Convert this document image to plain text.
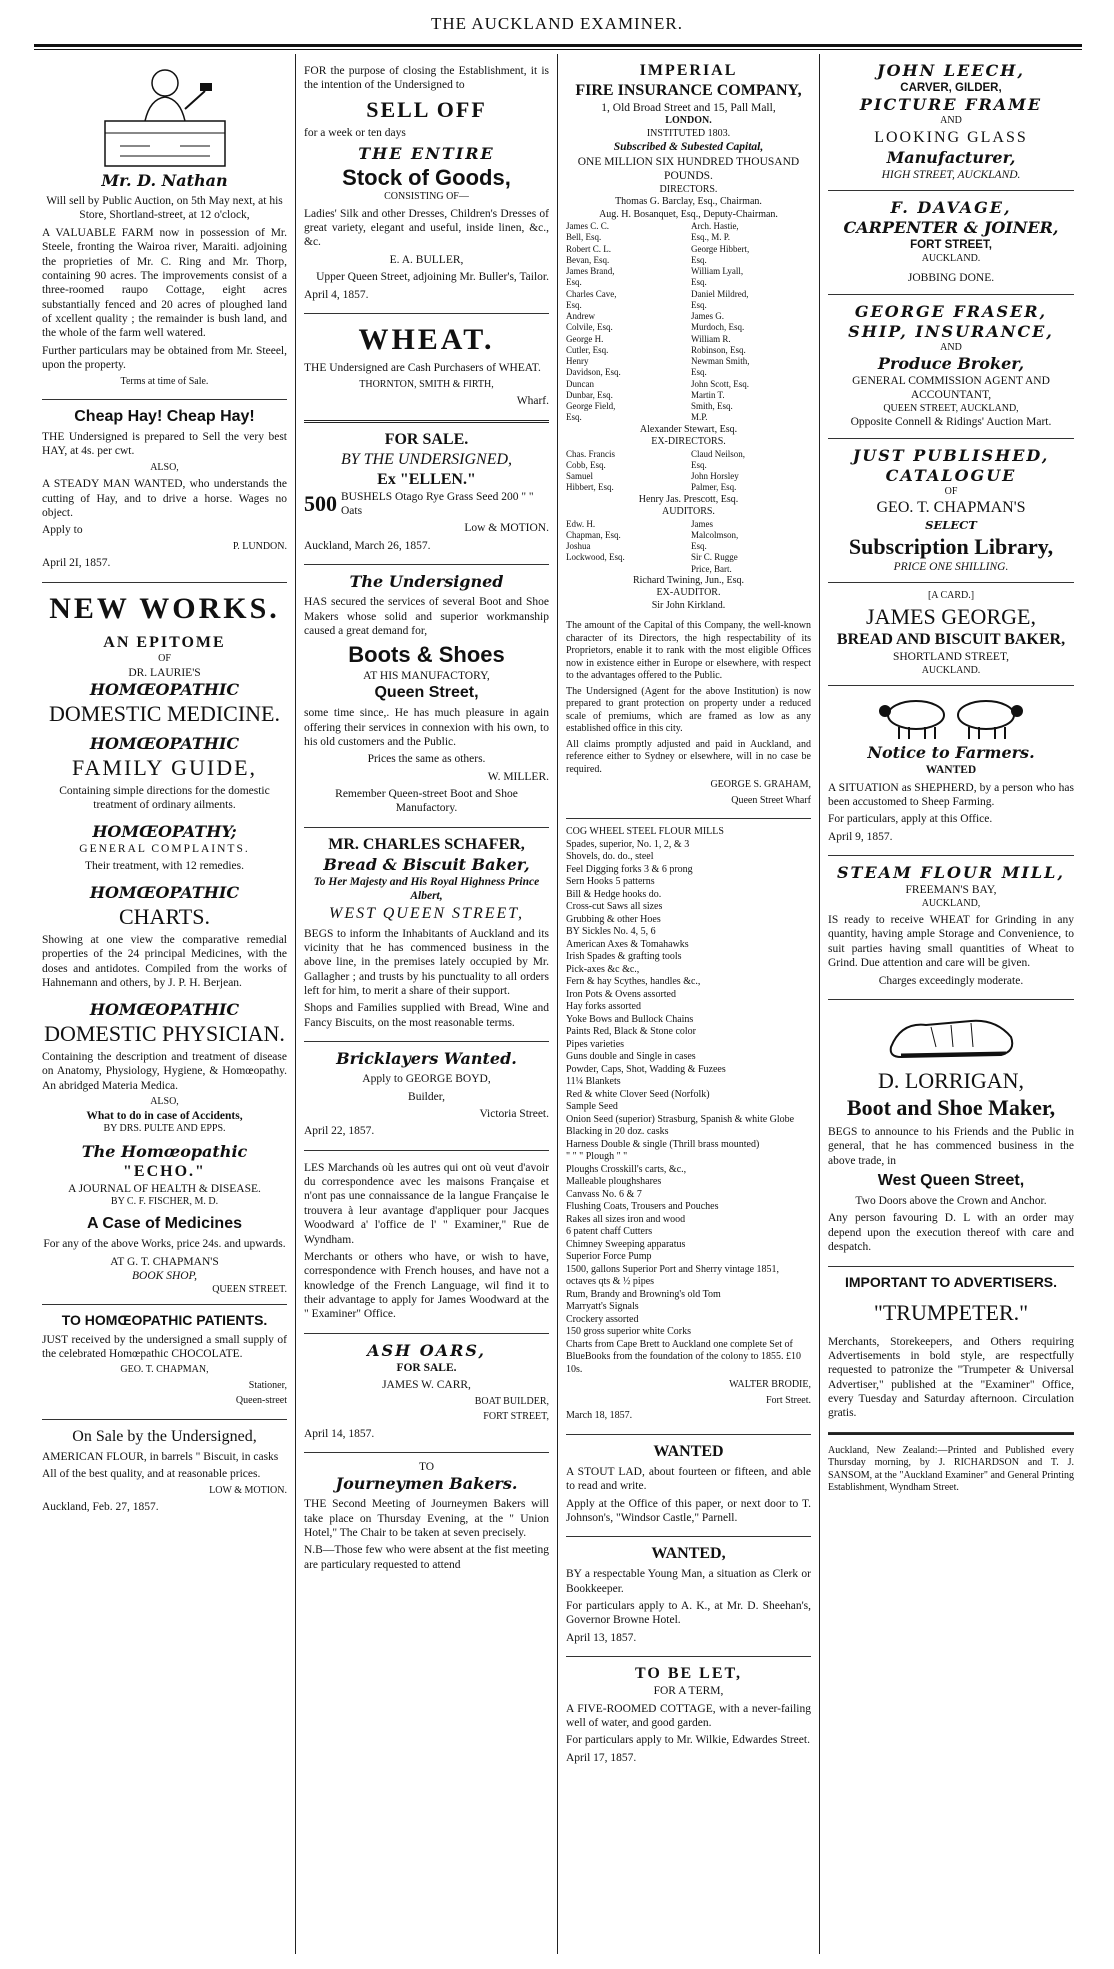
THE AUCKLAND EXAMINER.
Mr. D. Nathan

Will sell by Public Auction, on 5th May next, at his Store, Shortland-street, at 12 o'clock,

A VALUABLE FARM now in possession of Mr. Steele, fronting the Wairoa river, Maraiti. adjoining the proprieties of Mr. C. Ring and Mr. Thorp, containing 90 acres. The improvements consist of a three-roomed raupo Cottage, eight acres substantially fenced and 20 acres of ploughed land of xcellent quality ; the remainder is bush land, and the whole of the farm well watered.

Further particulars may be obtained from Mr. Steeel, upon the property.

Terms at time of Sale.

Cheap Hay! Cheap Hay!

THE Undersigned is prepared to Sell the very best HAY, at 4s. per cwt.

ALSO,

A STEADY MAN WANTED, who understands the cutting of Hay, and to drive a horse. Wages no object.

Apply to

P. LUNDON.

April 2I, 1857.

NEW WORKS.
AN EPITOME
OF
DR. LAURIE'S
HOMŒOPATHIC
DOMESTIC MEDICINE.
HOMŒOPATHIC
FAMILY GUIDE,

Containing simple directions for the domestic treatment of ordinary ailments.

HOMŒOPATHY;
GENERAL COMPLAINTS.

Their treatment, with 12 remedies.

HOMŒOPATHIC
CHARTS.

Showing at one view the comparative remedial properties of the 24 principal Medicines, with the doses and antidotes. Compiled from the works of Hahnemann and others, by J. P. H. Berjean.

HOMŒOPATHIC
DOMESTIC PHYSICIAN.

Containing the description and treatment of disease on Anatomy, Physiology, Hygiene, & Homœopathy. An abridged Materia Medica.

ALSO,
What to do in case of Accidents,
BY DRS. PULTE AND EPPS.
The Homœopathic
"ECHO."
A JOURNAL OF HEALTH & DISEASE.
BY C. F. FISCHER, M. D.
A Case of Medicines

For any of the above Works, price 24s. and upwards.

AT G. T. CHAPMAN'S
BOOK SHOP,
QUEEN STREET.
TO HOMŒOPATHIC PATIENTS.

JUST received by the undersigned a small supply of the celebrated Homœpathic CHOCOLATE.

GEO. T. CHAPMAN,

Stationer,

Queen-street

On Sale by the Undersigned,

AMERICAN FLOUR, in barrels " Biscuit, in casks

All of the best quality, and at reasonable prices.

LOW & MOTION.

Auckland, Feb. 27, 1857.

FOR the purpose of closing the Establishment, it is the intention of the Undersigned to

SELL OFF

for a week or ten days

THE ENTIRE
Stock of Goods,
CONSISTING OF—

Ladies' Silk and other Dresses, Children's Dresses of great variety, elegant and useful, inside linen, &c., &c.

E. A. BULLER,

Upper Queen Street, adjoining Mr. Buller's, Tailor.

April 4, 1857.

WHEAT.

THE Undersigned are Cash Purchasers of WHEAT.

THORNTON, SMITH & FIRTH,

Wharf.

FOR SALE.
BY THE UNDERSIGNED,
Ex "ELLEN."
500 BUSHELS Otago Rye Grass Seed 200 " " Oats

Low & MOTION.

Auckland, March 26, 1857.

The Undersigned

HAS secured the services of several Boot and Shoe Makers whose solid and superior workmanship caused a great demand for,

Boots & Shoes
AT HIS MANUFACTORY,
Queen Street,

some time since,. He has much pleasure in again offering their services in connexion with his own, to his old customers and the Public.

Prices the same as others.

W. MILLER.

Remember Queen-street Boot and Shoe Manufactory.

MR. CHARLES SCHAFER,
Bread & Biscuit Baker,
To Her Majesty and His Royal Highness Prince Albert,
WEST QUEEN STREET,

BEGS to inform the Inhabitants of Auckland and its vicinity that he has commenced business in the above line, in the premises lately occupied by Mr. Gallagher ; and trusts by his punctuality to all orders left for him, to merit a share of their support.

Shops and Families supplied with Bread, Wine and Fancy Biscuits, on the most reasonable terms.

Bricklayers Wanted.

Apply to GEORGE BOYD,

Builder,

Victoria Street.

April 22, 1857.

LES Marchands où les autres qui ont où veut d'avoir du correspondence avec les maisons Française et n'ont pas une connaissance de la langue Française le trouvera à leur avantage d'appliquer pour Jacques Woodward a' l'office de l' " Examiner," Rue de Wyndham.

Merchants or others who have, or wish to have, correspondence with French houses, and have not a knowledge of the French Language, wil find it to their advantage to apply for James Woodward at the " Examiner" Office.

ASH OARS,
FOR SALE.

JAMES W. CARR,

BOAT BUILDER,

FORT STREET,

April 14, 1857.

TO
Journeymen Bakers.

THE Second Meeting of Journeymen Bakers will take place on Thursday Evening, at the " Union Hotel," The Chair to be taken at seven precisely.

N.B—Those few who were absent at the fist meeting are particulary requested to attend

IMPERIAL
FIRE INSURANCE COMPANY,
1, Old Broad Street and 15, Pall Mall,
LONDON.
INSTITUTED 1803.
Subscribed & Subested Capital,
ONE MILLION SIX HUNDRED THOUSAND POUNDS.
DIRECTORS.
Thomas G. Barclay, Esq., Chairman.
Aug. H. Bosanquet, Esq., Deputy-Chairman.
James C. C. Bell, Esq.
Robert C. L. Bevan, Esq.
James Brand, Esq.
Charles Cave, Esq.
Andrew Colvile, Esq.
George H. Cutler, Esq.
Henry Davidson, Esq.
Duncan Dunbar, Esq.
George Field, Esq.
Arch. Hastie, Esq., M. P.
George Hibbert, Esq.
William Lyall, Esq.
Daniel Mildred, Esq.
James G. Murdoch, Esq.
William R. Robinson, Esq.
Newman Smith, Esq.
John Scott, Esq.
Martin T. Smith, Esq. M.P.
Alexander Stewart, Esq.
EX-DIRECTORS.
Chas. Francis Cobb, Esq.
Samuel Hibbert, Esq.
Claud Neilson, Esq.
John Horsley Palmer, Esq.
Henry Jas. Prescott, Esq.
AUDITORS.
Edw. H. Chapman, Esq.
Joshua Lockwood, Esq.
James Malcolmson, Esq.
Sir C. Rugge Price, Bart.
Richard Twining, Jun., Esq.
EX-AUDITOR.
Sir John Kirkland.

The amount of the Capital of this Company, the well-known character of its Directors, the high respectability of its Proprietors, enable it to rank with the most eligible Offices now in existence either in Europe or elsewhere, with respect to the advantages offered to the Public.

The Undersigned (Agent for the above Institution) is now prepared to grant protection on property under a reduced scale of premiums, which are framed as low as any established office in this city.

All claims promptly adjusted and paid in Auckland, and reference either to Sydney or elsewhere, will in no case be required.

GEORGE S. GRAHAM,

Queen Street Wharf

COG WHEEL STEEL FLOUR MILLS
Spades, superior, No. 1, 2, & 3
Shovels, do. do., steel
Feel Digging forks 3 & 6 prong
Sern Hooks 5 patterns
Bill & Hedge hooks do.
Cross-cut Saws all sizes
Grubbing & other Hoes
BY Sickles No. 4, 5, 6
American Axes & Tomahawks
Irish Spades & grafting tools
Pick-axes &c &c.,
Fern & hay Scythes, handles &c.,
Iron Pots & Ovens assorted
Hay forks assorted
Yoke Bows and Bullock Chains
Paints Red, Black & Stone color
Pipes varieties
Guns double and Single in cases
Powder, Caps, Shot, Wadding & Fuzees
11¼ Blankets
Red & white Clover Seed (Norfolk)
Sample Seed
Onion Seed (superior) Strasburg, Spanish & white Globe
Blacking in 20 doz. casks
Harness Double & single (Thrill brass mounted)
" " " Plough " "
Ploughs Crosskill's carts, &c.,
Malleable ploughshares
Canvass No. 6 & 7
Flushing Coats, Trousers and Pouches
Rakes all sizes iron and wood
6 patent chaff Cutters
Chimney Sweeping apparatus
Superior Force Pump
1500, gallons Superior Port and Sherry vintage 1851, octaves qts & ½ pipes
Rum, Brandy and Browning's old Tom
Marryatt's Signals
Crockery assorted
150 gross superior white Corks
Charts from Cape Brett to Auckland one complete Set of BlueBooks from the foundation of the colony to 1855. £10 10s.

WALTER BRODIE,

Fort Street.

March 18, 1857.

WANTED

A STOUT LAD, about fourteen or fifteen, and able to read and write.

Apply at the Office of this paper, or next door to T. Johnson's, "Windsor Castle," Parnell.

WANTED,

BY a respectable Young Man, a situation as Clerk or Bookkeeper.

For particulars apply to A. K., at Mr. D. Sheehan's, Governor Browne Hotel.

April 13, 1857.

TO BE LET,
FOR A TERM,

A FIVE-ROOMED COTTAGE, with a never-failing well of water, and good garden.

For particulars apply to Mr. Wilkie, Edwardes Street.

April 17, 1857.

JOHN LEECH,
CARVER, GILDER,
PICTURE FRAME
AND
LOOKING GLASS
Manufacturer,
HIGH STREET, AUCKLAND.
F. DAVAGE,
CARPENTER & JOINER,
FORT STREET,
AUCKLAND.
JOBBING DONE.
GEORGE FRASER,
SHIP, INSURANCE,
AND
Produce Broker,
GENERAL COMMISSION AGENT AND ACCOUNTANT,
QUEEN STREET, AUCKLAND,
Opposite Connell & Ridings' Auction Mart.
JUST PUBLISHED,
CATALOGUE
OF
GEO. T. CHAPMAN'S
SELECT
Subscription Library,
PRICE ONE SHILLING.
[A CARD.]
JAMES GEORGE,
BREAD AND BISCUIT BAKER,
SHORTLAND STREET,
AUCKLAND.
Notice to Farmers.
WANTED

A SITUATION as SHEPHERD, by a person who has been accustomed to Sheep Farming.

For particulars, apply at this Office.

April 9, 1857.

STEAM FLOUR MILL,
FREEMAN'S BAY,
AUCKLAND,

IS ready to receive WHEAT for Grinding in any quantity, having ample Storage and Convenience, to suit parties having small quantities of Wheat to Grind. Due attention and care will be given.

Charges exceedingly moderate.

D. LORRIGAN,
Boot and Shoe Maker,

BEGS to announce to his Friends and the Public in general, that he has commenced business in the above trade, in

West Queen Street,

Two Doors above the Crown and Anchor.

Any person favouring D. L with an order may depend upon the execution thereof with care and despatch.

IMPORTANT TO ADVERTISERS.
"TRUMPETER."

Merchants, Storekeepers, and Others requiring Advertisements in bold style, are respectfully requested to patronize the "Trumpeter & Universal Advertiser," published at the "Examiner" Office, every Tuesday and Saturday afternoon. Circulation gratis.

Auckland, New Zealand:—Printed and Published every Thursday morning, by J. RICHARDSON and T. J. SANSOM, at the "Auckland Examiner" and General Printing Establishment, Wyndham Street.
